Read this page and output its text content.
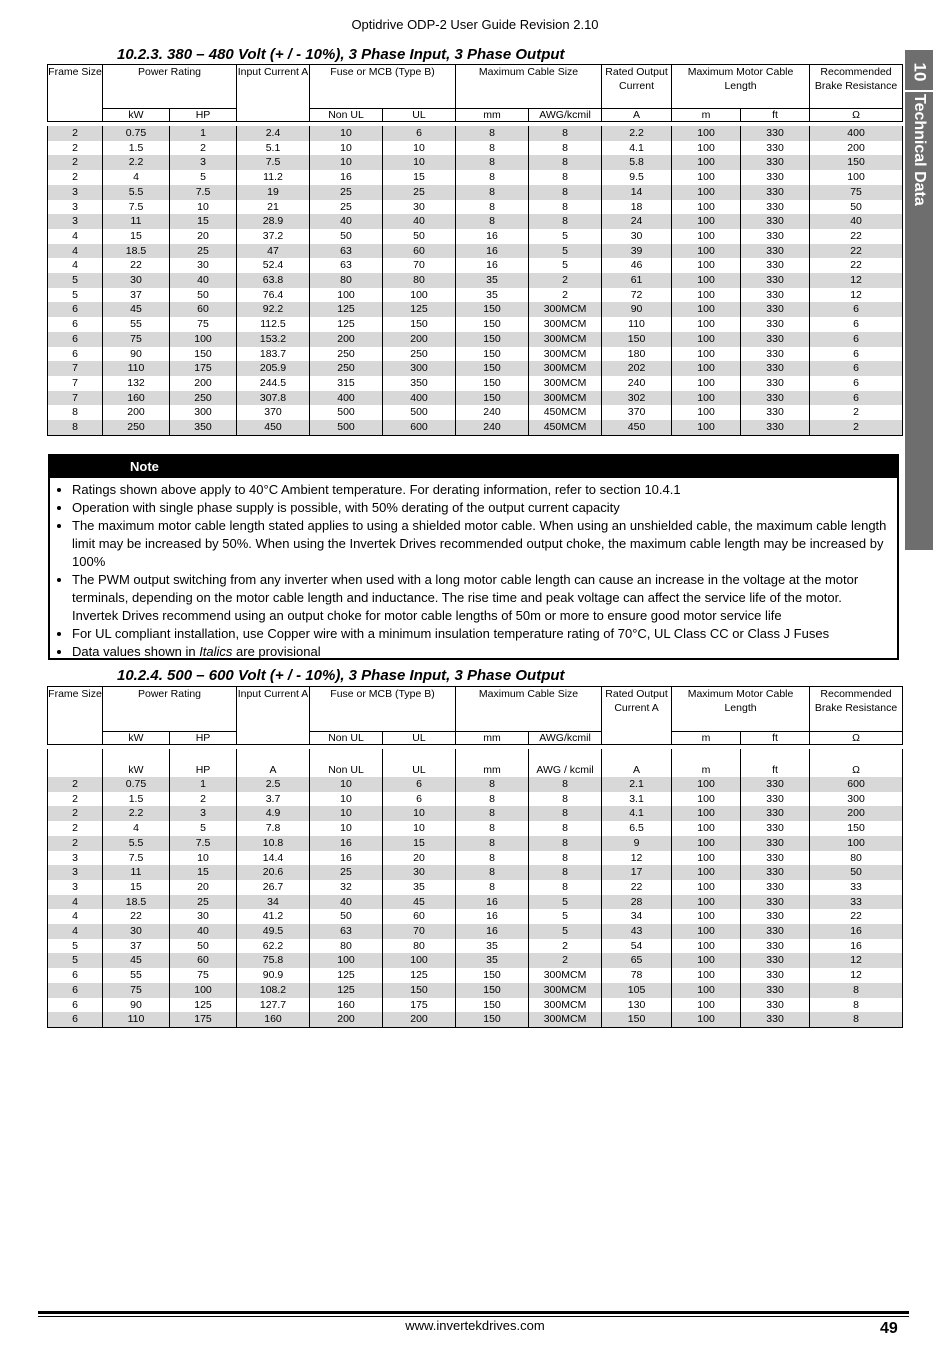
Optidrive ODP-2 User Guide Revision 2.10
10
Technical Data
10.2.3. 380 – 480 Volt (+ / - 10%), 3 Phase Input, 3 Phase Output
Frame Size	Power Rating		Input Current A	Fuse or MCB (Type B)		Maximum Cable Size		Rated Output Current	Maximum Motor Cable Length		Recommended Brake Resistance
	kW	HP		Non UL	UL	mm	AWG/kcmil	A	m	ft	Ω

2	0.75	1	2.4	10	6	8	8	2.2	100	330	400
2	1.5	2	5.1	10	10	8	8	4.1	100	330	200
2	2.2	3	7.5	10	10	8	8	5.8	100	330	150
2	4	5	11.2	16	15	8	8	9.5	100	330	100
3	5.5	7.5	19	25	25	8	8	14	100	330	75
3	7.5	10	21	25	30	8	8	18	100	330	50
3	11	15	28.9	40	40	8	8	24	100	330	40
4	15	20	37.2	50	50	16	5	30	100	330	22
4	18.5	25	47	63	60	16	5	39	100	330	22
4	22	30	52.4	63	70	16	5	46	100	330	22
5	30	40	63.8	80	80	35	2	61	100	330	12
5	37	50	76.4	100	100	35	2	72	100	330	12
6	45	60	92.2	125	125	150	300MCM	90	100	330	6
6	55	75	112.5	125	150	150	300MCM	110	100	330	6
6	75	100	153.2	200	200	150	300MCM	150	100	330	6
6	90	150	183.7	250	250	150	300MCM	180	100	330	6
7	110	175	205.9	250	300	150	300MCM	202	100	330	6
7	132	200	244.5	315	350	150	300MCM	240	100	330	6
7	160	250	307.8	400	400	150	300MCM	302	100	330	6
8	200	300	370	500	500	240	450MCM	370	100	330	2
8	250	350	450	500	600	240	450MCM	450	100	330	2
Note
• Ratings shown above apply to 40°C Ambient temperature. For derating information, refer to section 10.4.1
• Operation with single phase supply is possible, with 50% derating of the output current capacity
• The maximum motor cable length stated applies to using a shielded motor cable. When using an unshielded cable, the maximum cable length limit may be increased by 50%. When using the Invertek Drives recommended output choke, the maximum cable length may be increased by 100%
• The PWM output switching from any inverter when used with a long motor cable length can cause an increase in the voltage at the motor terminals, depending on the motor cable length and inductance. The rise time and peak voltage can affect the service life of the motor. Invertek Drives recommend using an output choke for motor cable lengths of 50m or more to ensure good motor service life
• For UL compliant installation, use Copper wire with a minimum insulation temperature rating of 70°C, UL Class CC or Class J Fuses
• Data values shown in Italics are provisional
10.2.4. 500 – 600 Volt (+ / - 10%), 3 Phase Input, 3 Phase Output
Frame Size	Power Rating		Input Current A	Fuse or MCB (Type B)		Maximum Cable Size		Rated Output Current A	Maximum Motor Cable Length		Recommended Brake Resistance
	kW	HP		Non UL	UL	mm	AWG/kcmil		m	ft	Ω

	kW	HP	A	Non UL	UL	mm	AWG / kcmil	A	m	ft	Ω
2	0.75	1	2.5	10	6	8	8	2.1	100	330	600
2	1.5	2	3.7	10	6	8	8	3.1	100	330	300
2	2.2	3	4.9	10	10	8	8	4.1	100	330	200
2	4	5	7.8	10	10	8	8	6.5	100	330	150
2	5.5	7.5	10.8	16	15	8	8	9	100	330	100
3	7.5	10	14.4	16	20	8	8	12	100	330	80
3	11	15	20.6	25	30	8	8	17	100	330	50
3	15	20	26.7	32	35	8	8	22	100	330	33
4	18.5	25	34	40	45	16	5	28	100	330	33
4	22	30	41.2	50	60	16	5	34	100	330	22
4	30	40	49.5	63	70	16	5	43	100	330	16
5	37	50	62.2	80	80	35	2	54	100	330	16
5	45	60	75.8	100	100	35	2	65	100	330	12
6	55	75	90.9	125	125	150	300MCM	78	100	330	12
6	75	100	108.2	125	150	150	300MCM	105	100	330	8
6	90	125	127.7	160	175	150	300MCM	130	100	330	8
6	110	175	160	200	200	150	300MCM	150	100	330	8
www.invertekdrives.com	49
